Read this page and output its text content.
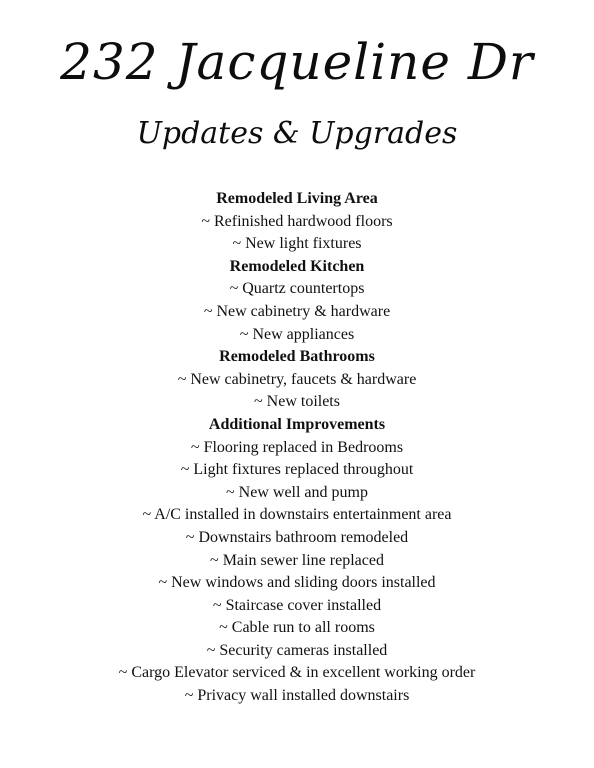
232 Jacqueline Dr
Updates & Upgrades
Remodeled Living Area
~ Refinished hardwood floors
~ New light fixtures
Remodeled Kitchen
~ Quartz countertops
~ New cabinetry & hardware
~ New appliances
Remodeled Bathrooms
~ New cabinetry, faucets & hardware
~ New toilets
Additional Improvements
~ Flooring replaced in Bedrooms
~ Light fixtures replaced throughout
~ New well and pump
~ A/C installed in downstairs entertainment area
~ Downstairs bathroom remodeled
~ Main sewer line replaced
~ New windows and sliding doors installed
~ Staircase cover installed
~ Cable run to all rooms
~ Security cameras installed
~ Cargo Elevator serviced & in excellent working order
~ Privacy wall installed downstairs
